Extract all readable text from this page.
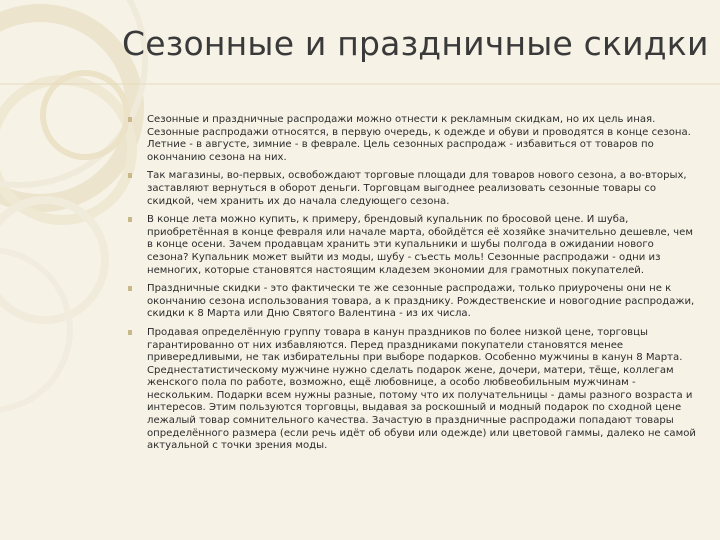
Сезонные и праздничные скидки
Сезонные и праздничные распродажи можно отнести к рекламным скидкам, но их цель иная. Сезонные распродажи относятся, в первую очередь, к одежде и обуви и проводятся в конце сезона. Летние - в августе, зимние - в феврале. Цель сезонных распродаж - избавиться от товаров по окончанию сезона на них.
Так магазины, во-первых, освобождают торговые площади для товаров нового сезона, а во-вторых, заставляют вернуться в оборот деньги. Торговцам выгоднее реализовать сезонные товары со скидкой, чем хранить их до начала следующего сезона.
В конце лета можно купить, к примеру, брендовый купальник по бросовой цене. И шуба, приобретённая в конце февраля или начале марта, обойдётся её хозяйке значительно дешевле, чем в конце осени. Зачем продавцам хранить эти купальники и шубы полгода в ожидании нового сезона? Купальник может выйти из моды, шубу - съесть моль! Сезонные распродажи - одни из немногих, которые становятся настоящим кладезем экономии для грамотных покупателей.
Праздничные скидки - это фактически те же сезонные распродажи, только приурочены они не к окончанию сезона использования товара, а к празднику. Рождественские и новогодние распродажи, скидки к 8 Марта или Дню Святого Валентина - из их числа.
Продавая определённую группу товара в канун праздников по более низкой цене, торговцы гарантированно от них избавляются. Перед праздниками покупатели становятся менее привередливыми, не так избирательны при выборе подарков. Особенно мужчины в канун 8 Марта. Среднестатистическому мужчине нужно сделать подарок жене, дочери, матери, тёще, коллегам женского пола по работе, возможно, ещё любовнице, а особо любвеобильным мужчинам - нескольким. Подарки всем нужны разные, потому что их получательницы - дамы разного возраста и интересов. Этим пользуются торговцы, выдавая за роскошный и модный подарок по сходной цене лежалый товар сомнительного качества. Зачастую в праздничные распродажи попадают товары определённого размера (если речь идёт об обуви или одежде) или цветовой гаммы, далеко не самой актуальной с точки зрения моды.
